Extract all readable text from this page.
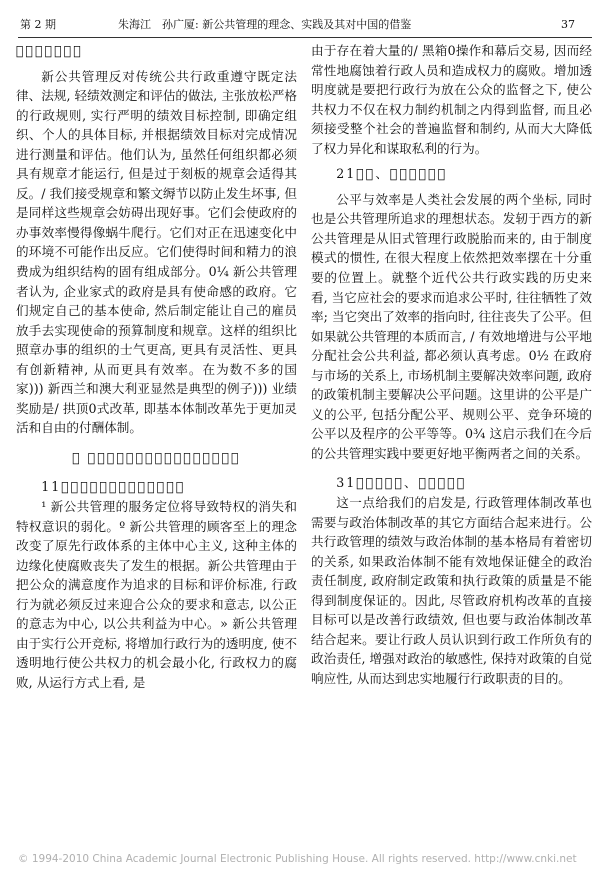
第 2 期	朱海江　孙广厦: 新公共管理的理念、实践及其对中国的借鉴	37

􀁓􀁓􀁓􀁓􀁓􀁓􀁓

新公共管理反对传统公共行政重遵守既定法律、法规, 轻绩效测定和评估的做法, 主张放松严格的行政规则, 实行严明的绩效目标控制, 即确定组织、个人的具体目标, 并根据绩效目标对完成情况进行测量和评估。他们认为, 虽然任何组织都必须具有规章才能运行, 但是过于刻板的规章会适得其反。/ 我们接受规章和繁文缛节以防止发生坏事, 但是同样这些规章会妨碍出现好事。它们会使政府的办事效率慢得像蜗牛爬行。它们对正在迅速变化中的环境不可能作出反应。它们使得时间和精力的浪费成为组织结构的固有组成部分。0¼ 新公共管理者认为, 企业家式的政府是具有使命感的政府。它们规定自己的基本使命, 然后制定能让自己的雇员放手去实现使命的预算制度和规章。这样的组织比照章办事的组织的士气更高, 更具有灵活性、更具有创新精神, 从而更具有效率。在为数不多的国家))) 新西兰和澳大利亚显然是典型的例子))) 业绩奖励是/ 拱顶0式改革, 即基本体制改革先于更加灵活和自由的付酬体制。

􀁓 􀁓􀁓􀁓􀁓􀁓􀁓􀁓􀁓􀁓􀁓􀁓􀁓􀁓􀁓􀁓􀁓

11􀁓􀁓􀁓􀁓􀁓􀁓􀁓􀁓􀁓􀁓􀁓􀁓􀁓

¹ 新公共管理的服务定位将导致特权的消失和特权意识的弱化。º 新公共管理的顾客至上的理念改变了原先行政体系的主体中心主义, 这种主体的边缘化使腐败丧失了发生的根据。新公共管理由于把公众的满意度作为追求的目标和评价标准, 行政行为就必须反过来迎合公众的要求和意志, 以公正的意志为中心, 以公共利益为中心。» 新公共管理由于实行公开竞标, 将增加行政行为的透明度, 使不透明地行使公共权力的机会最小化, 行政权力的腐败, 从运行方式上看, 是

由于存在着大量的/ 黑箱0操作和幕后交易, 因而经常性地腐蚀着行政人员和造成权力的腐败。增加透明度就是要把行政行为放在公众的监督之下, 使公共权力不仅在权力制约机制之内得到监督, 而且必须接受整个社会的普遍监督和制约, 从而大大降低了权力异化和谋取私利的行为。

21􀁓􀁓、􀁓􀁓􀁓􀁓􀁓􀁓

公平与效率是人类社会发展的两个坐标, 同时也是公共管理所追求的理想状态。发轫于西方的新公共管理是从旧式管理行政脱胎而来的, 由于制度模式的惯性, 在很大程度上依然把效率摆在十分重要的位置上。就整个近代公共行政实践的历史来看, 当它应社会的要求而追求公平时, 往往牺牲了效率; 当它突出了效率的指向时, 往往丧失了公平。但如果就公共管理的本质而言, / 有效地增进与公平地分配社会公共利益, 都必须认真考虑。0½ 在政府与市场的关系上, 市场机制主要解决效率问题, 政府的政策机制主要解决公平问题。这里讲的公平是广义的公平, 包括分配公平、规则公平、竞争环境的公平以及程序的公平等等。0¾ 这启示我们在今后的公共管理实践中要更好地平衡两者之间的关系。

31􀁓􀁓􀁓􀁓􀁓、􀁓􀁓􀁓􀁓􀁓

这一点给我们的启发是, 行政管理体制改革也需要与政治体制改革的其它方面结合起来进行。公共行政管理的绩效与政治体制的基本格局有着密切的关系, 如果政治体制不能有效地保证健全的政治责任制度, 政府制定政策和执行政策的质量是不能得到制度保证的。因此, 尽管政府机构改革的直接目标可以是改善行政绩效, 但也要与政治体制改革结合起来。要让行政人员认识到行政工作所负有的政治责任, 增强对政治的敏感性, 保持对政策的自觉响应性, 从而达到忠实地履行行政职责的目的。

© 1994-2010 China Academic Journal Electronic Publishing House. All rights reserved. http://www.cnki.net
